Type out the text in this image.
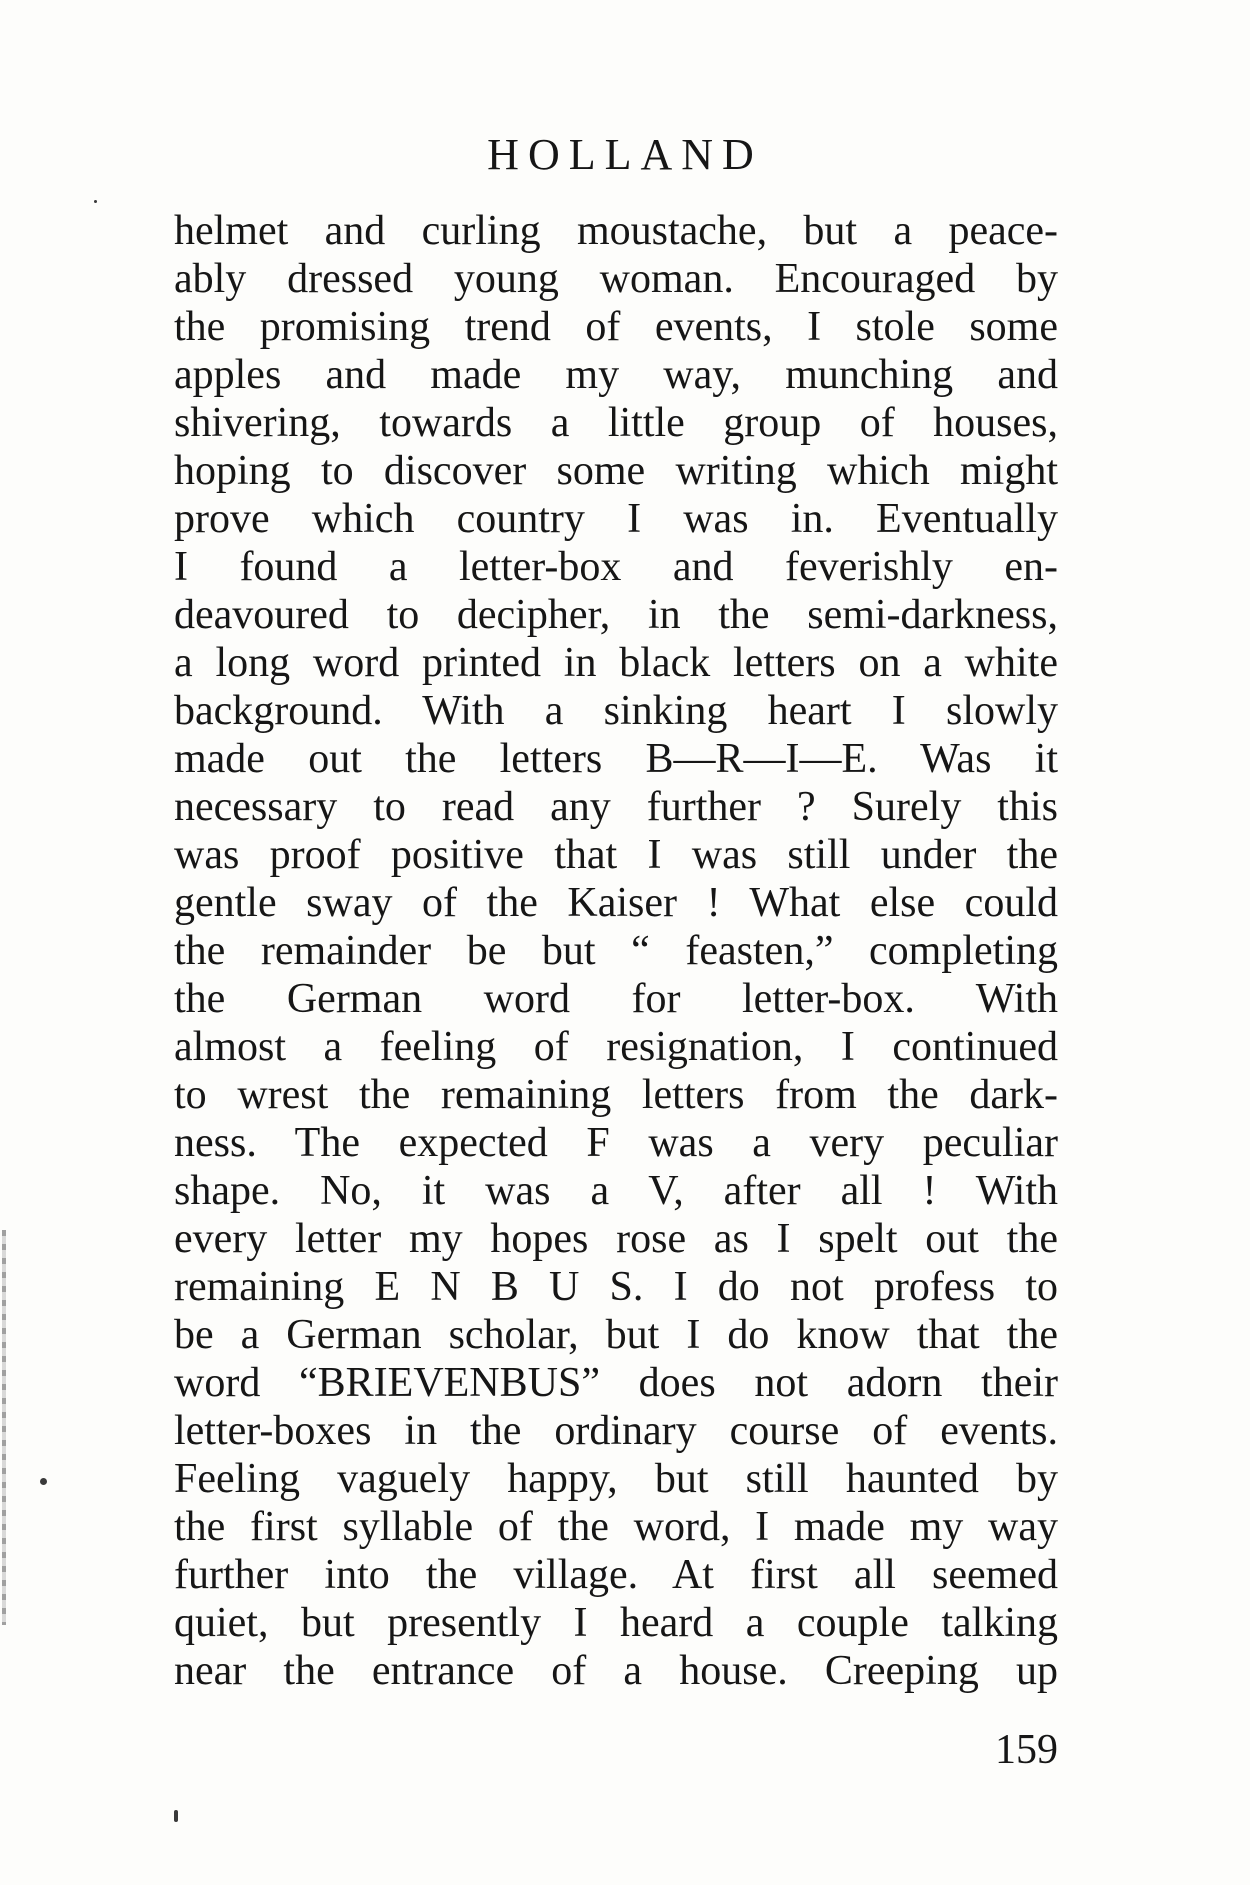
HOLLAND
helmet and curling moustache, but a peace-
ably dressed young woman. Encouraged by
the promising trend of events, I stole some
apples and made my way, munching and
shivering, towards a little group of houses,
hoping to discover some writing which might
prove which country I was in. Eventually
I found a letter-box and feverishly en-
deavoured to decipher, in the semi-darkness,
a long word printed in black letters on a white
background. With a sinking heart I slowly
made out the letters B—R—I—E. Was it
necessary to read any further ? Surely this
was proof positive that I was still under the
gentle sway of the Kaiser ! What else could
the remainder be but “ feasten,” completing
the German word for letter-box. With
almost a feeling of resignation, I continued
to wrest the remaining letters from the dark-
ness. The expected F was a very peculiar
shape. No, it was a V, after all ! With
every letter my hopes rose as I spelt out the
remaining E N B U S. I do not profess to
be a German scholar, but I do know that the
word “BRIEVENBUS” does not adorn their
letter-boxes in the ordinary course of events.
Feeling vaguely happy, but still haunted by
the first syllable of the word, I made my way
further into the village. At first all seemed
quiet, but presently I heard a couple talking
near the entrance of a house. Creeping up
159
